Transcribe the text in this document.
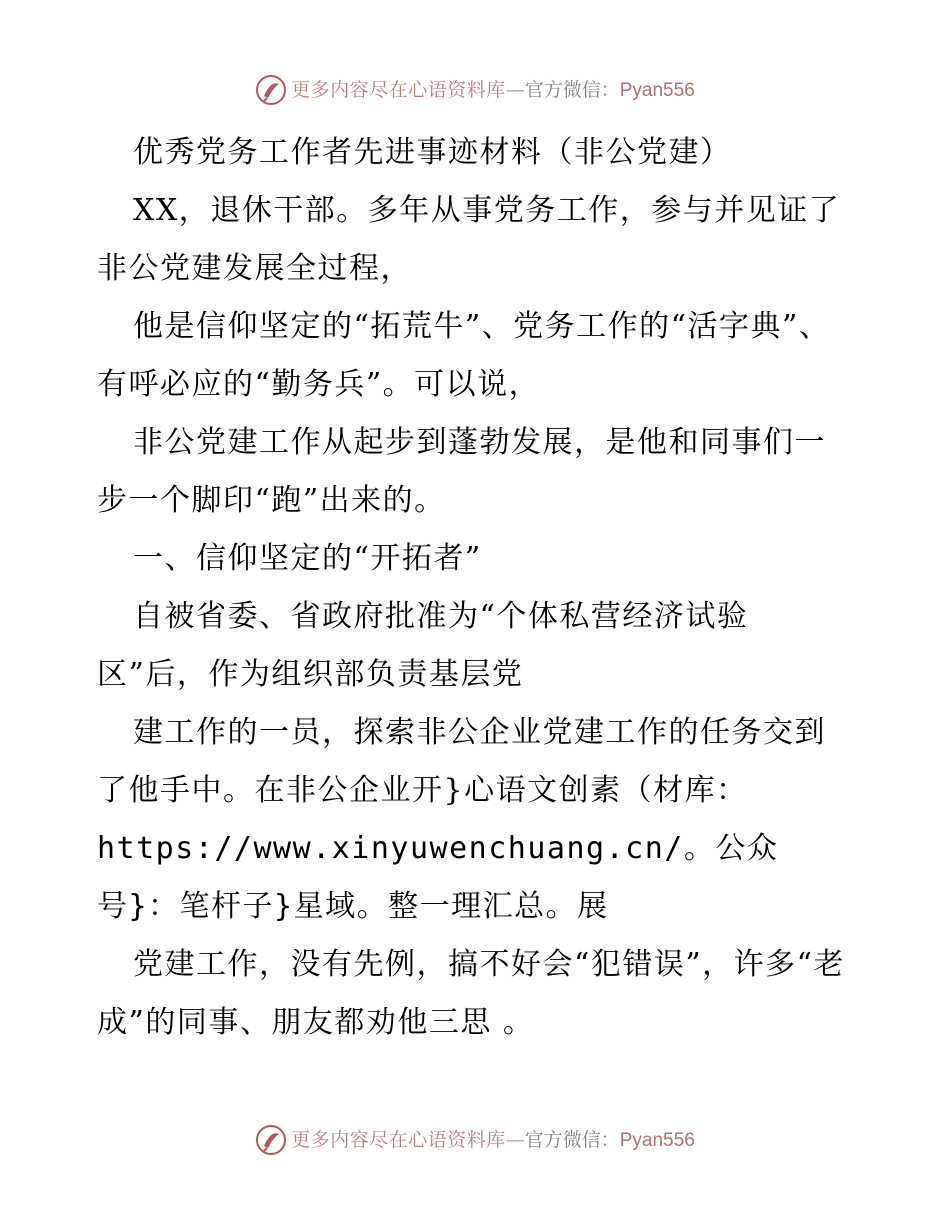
更多内容尽在心语资料库 — 官方微信： Pyan556

优秀党务工作者先进事迹材料（非公党建）

XX，退休干部。多年从事党务工作，参与并见证了非公党建发展全过程，

他是信仰坚定的“拓荒牛”、党务工作的“活字典”、有呼必应的“勤务兵”。可以说，

非公党建工作从起步到蓬勃发展，是他和同事们一步一个脚印“跑”出来的。

一、信仰坚定的“开拓者”

自被省委、省政府批准为“个体私营经济试验区”后，作为组织部负责基层党

建工作的一员，探索非公企业党建工作的任务交到了他手中。在非公企业开}心语文创素（材库：

https://www.xinyuwenchuang.cn/。公众号}：笔杆子}星域。整一理汇总。展

党建工作，没有先例，搞不好会“犯错误”，许多“老成”的同事、朋友都劝他三思 。

更多内容尽在心语资料库 — 官方微信： Pyan556
